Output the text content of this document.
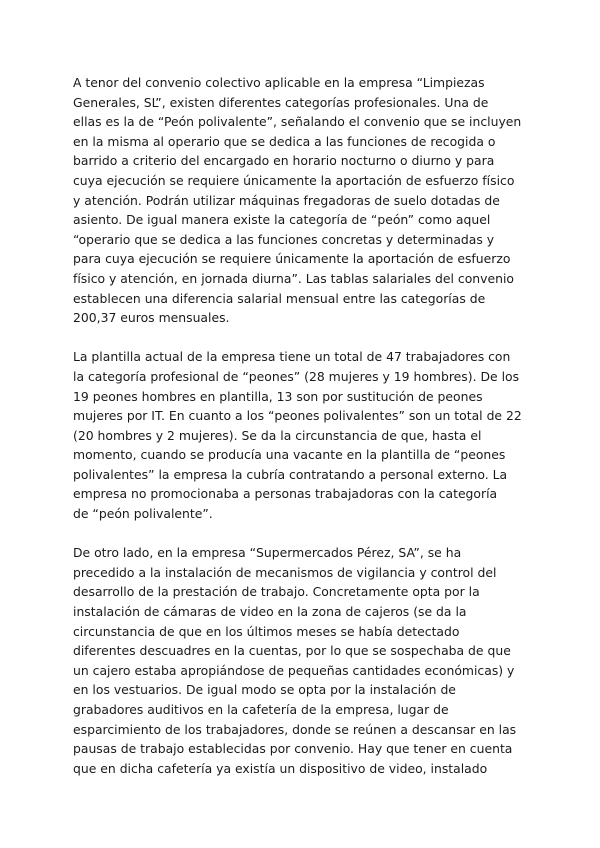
A tenor del convenio colectivo aplicable en la empresa “Limpiezas
Generales, SL”, existen diferentes categorías profesionales. Una de
ellas es la de “Peón polivalente”, señalando el convenio que se incluyen
en la misma al operario que se dedica a las funciones de recogida o
barrido a criterio del encargado en horario nocturno o diurno y para
cuya ejecución se requiere únicamente la aportación de esfuerzo físico
y atención. Podrán utilizar máquinas fregadoras de suelo dotadas de
asiento. De igual manera existe la categoría de “peón” como aquel
“operario que se dedica a las funciones concretas y determinadas y
para cuya ejecución se requiere únicamente la aportación de esfuerzo
físico y atención, en jornada diurna”. Las tablas salariales del convenio
establecen una diferencia salarial mensual entre las categorías de
200,37 euros mensuales.

La plantilla actual de la empresa tiene un total de 47 trabajadores con
la categoría profesional de “peones” (28 mujeres y 19 hombres). De los
19 peones hombres en plantilla, 13 son por sustitución de peones
mujeres por IT. En cuanto a los “peones polivalentes” son un total de 22
(20 hombres y 2 mujeres). Se da la circunstancia de que, hasta el
momento, cuando se producía una vacante en la plantilla de “peones
polivalentes” la empresa la cubría contratando a personal externo. La
empresa no promocionaba a personas trabajadoras con la categoría
de “peón polivalente”.

De otro lado, en la empresa “Supermercados Pérez, SA”, se ha
precedido a la instalación de mecanismos de vigilancia y control del
desarrollo de la prestación de trabajo. Concretamente opta por la
instalación de cámaras de video en la zona de cajeros (se da la
circunstancia de que en los últimos meses se había detectado
diferentes descuadres en la cuentas, por lo que se sospechaba de que
un cajero estaba apropiándose de pequeñas cantidades económicas) y
en los vestuarios. De igual modo se opta por la instalación de
grabadores auditivos en la cafetería de la empresa, lugar de
esparcimiento de los trabajadores, donde se reúnen a descansar en las
pausas de trabajo establecidas por convenio. Hay que tener en cuenta
que en dicha cafetería ya existía un dispositivo de video, instalado
